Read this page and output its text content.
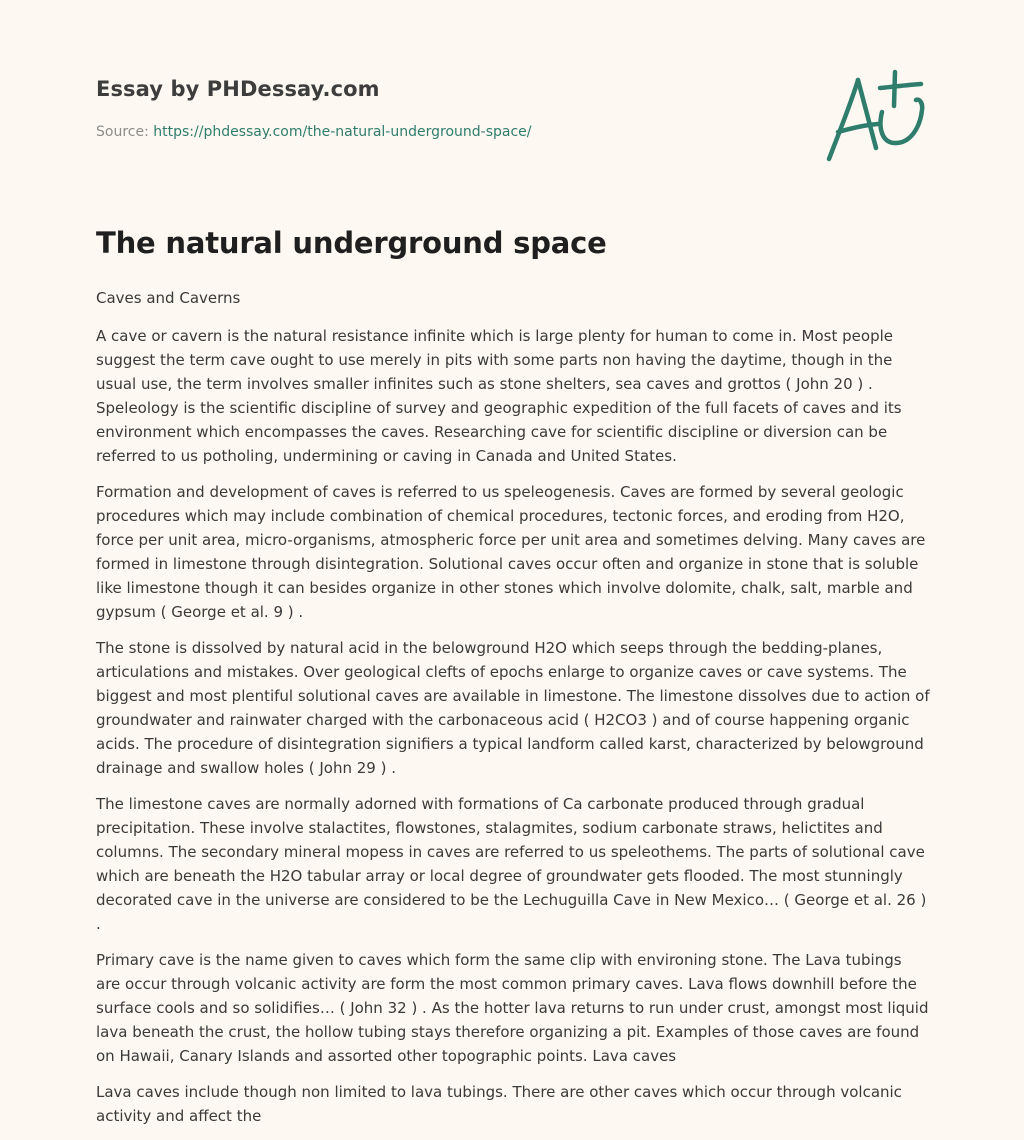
Essay by PHDessay.com
Source: https://phdessay.com/the-natural-underground-space/
The natural underground space

Caves and Caverns

A cave or cavern is the natural resistance infinite which is large plenty for human to come in. Most people suggest the term cave ought to use merely in pits with some parts non having the daytime, though in the usual use, the term involves smaller infinites such as stone shelters, sea caves and grottos ( John 20 ) . Speleology is the scientific discipline of survey and geographic expedition of the full facets of caves and its environment which encompasses the caves. Researching cave for scientific discipline or diversion can be referred to us potholing, undermining or caving in Canada and United States.

Formation and development of caves is referred to us speleogenesis. Caves are formed by several geologic procedures which may include combination of chemical procedures, tectonic forces, and eroding from H2O, force per unit area, micro-organisms, atmospheric force per unit area and sometimes delving. Many caves are formed in limestone through disintegration. Solutional caves occur often and organize in stone that is soluble like limestone though it can besides organize in other stones which involve dolomite, chalk, salt, marble and gypsum ( George et al. 9 ) .

The stone is dissolved by natural acid in the belowground H2O which seeps through the bedding-planes, articulations and mistakes. Over geological clefts of epochs enlarge to organize caves or cave systems. The biggest and most plentiful solutional caves are available in limestone. The limestone dissolves due to action of groundwater and rainwater charged with the carbonaceous acid ( H2CO3 ) and of course happening organic acids. The procedure of disintegration signifiers a typical landform called karst, characterized by belowground drainage and swallow holes ( John 29 ) .

The limestone caves are normally adorned with formations of Ca carbonate produced through gradual precipitation. These involve stalactites, flowstones, stalagmites, sodium carbonate straws, helictites and columns. The secondary mineral mopess in caves are referred to us speleothems. The parts of solutional cave which are beneath the H2O tabular array or local degree of groundwater gets flooded. The most stunningly decorated cave in the universe are considered to be the Lechuguilla Cave in New Mexico… ( George et al. 26 ) .

Primary cave is the name given to caves which form the same clip with environing stone. The Lava tubings are occur through volcanic activity are form the most common primary caves. Lava flows downhill before the surface cools and so solidifies… ( John 32 ) . As the hotter lava returns to run under crust, amongst most liquid lava beneath the crust, the hollow tubing stays therefore organizing a pit. Examples of those caves are found on Hawaii, Canary Islands and assorted other topographic points. Lava caves

Lava caves include though non limited to lava tubings. There are other caves which occur through volcanic activity and affect the
